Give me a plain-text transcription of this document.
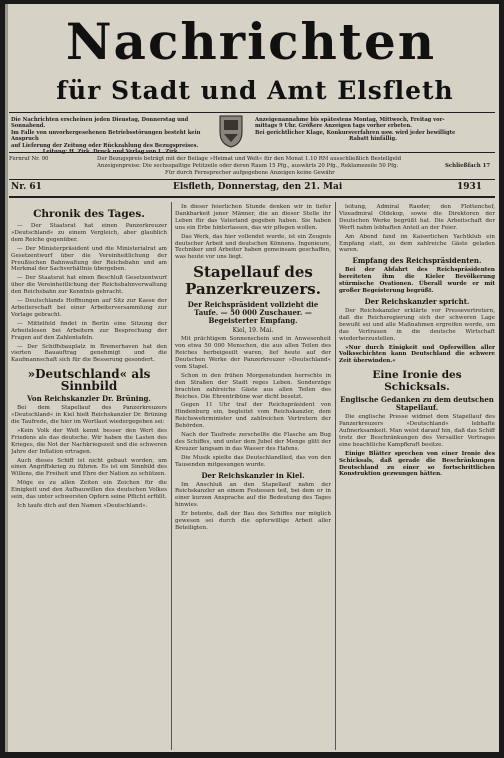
Nachrichten
für Stadt und Amt Elsfleth
Die Nachrichten erscheinen jeden Dienstag, Donnerstag und Sonnabend.
Im Falle von unvorhergesehenen Betriebsstörungen besteht kein Anspruch
auf Lieferung der Zeitung oder Rückzahlung des Bezugspreises.
Anzeigenannahme bis spätestens Montag, Mittwoch, Freitag vor-
mittags 9 Uhr. Größere Anzeigen tags vorher erbeten.
Bei gerichtlicher Klage, Konkursverfahren usw. wird jeder bewilligte
Rabatt hinfällig.
Fernruf Nr. 90	Der Bezugspreis beträgt mit der Beilage »Heimat und Welt« für den Monat 1.10 RM ausschließlich Bestellgeld
Anzeigenpreise: Die sechsspaltige Petitzeile oder deren Raum 15 Pfg., auswärts 20 Pfg., Reklamezeile 50 Pfg.
Für durch Fernsprecher aufgegebene Anzeigen keine Gewähr
Schließfach 17
Nr. 61	Elsfleth, Donnerstag, den 21. Mai	1931
Chronik des Tages.

— Der Staatsrat hat einen Panzerkreuzer »Deutschland« zu einem Vergleich, aber glaublich dem Reiche gegenüber.

— Der Ministerpräsident und die Ministerialrat am Gesetzentwurf über die Vereinheitlichung der Preußischen Bahnwaltung der Reichsbahn und am Merkmal der Sachverhältnis übergeben.

— Der Staatsrat hat einen Beschluß Gesetzentwurf über die Vereinheitlichung der Reichsbahnverwaltung den Reichsbahn zur Kenntnis gebracht.

— Deutschlands Hoffnungen auf Sitz zur Kasse der Arbeiterschaft bei einer Arbeiterversammlung zur Vorlage gebracht.

— Mittelfeld findet in Berlin eine Sitzung der Arbeitslosen bei Arbeitern zur Besprechung der Fragen auf den Zahlentafeln.

— Der Schiffsbauplatz in Bremerhaven hat den vierten Bauauftrag genehmigt und die Kaufmannschaft sich für die Besserung gesondert.

»Deutschland« als Sinnbild
Von Reichskanzler Dr. Brüning.

Bei dem Stapellauf des Panzerkreuzers »Deutschland« in Kiel hielt Reichskanzler Dr. Brüning die Taufrede, die hier im Wortlaut wiedergegeben sei:

»Kein Volk der Welt kennt besser den Wert des Friedens als das deutsche. Wir haben die Lasten des Krieges, die Not der Nachkriegszeit und die schweren Jahre der Inflation ertragen.

Auch dieses Schiff ist nicht gebaut worden, um einen Angriffskrieg zu führen. Es ist ein Sinnbild des Willens, die Freiheit und Ehre der Nation zu schützen.

Möge es zu allen Zeiten ein Zeichen für die Einigkeit und den Aufbauwillen des deutschen Volkes sein, das unter schwersten Opfern seine Pflicht erfüllt.

Ich taufe dich auf den Namen »Deutschland«.

In dieser feierlichen Stunde denken wir in tiefer Dankbarkeit jener Männer, die an dieser Stelle ihr Leben für das Vaterland gegeben haben. Sie haben uns ein Erbe hinterlassen, das wir pflegen wollen.

Das Werk, das hier vollendet wurde, ist ein Zeugnis deutscher Arbeit und deutschen Könnens. Ingenieure, Techniker und Arbeiter haben gemeinsam geschaffen, was heute vor uns liegt.

Stapellauf des Panzerkreuzers.
Der Reichspräsident vollzieht die Taufe. — 50 000 Zuschauer. — Begeisterter Empfang.
Kiel, 19. Mai.

Mit prächtigem Sonnenschein und in Anwesenheit von etwa 50 000 Menschen, die aus allen Teilen des Reiches herbeigeeilt waren, lief heute auf der Deutschen Werke der Panzerkreuzer »Deutschland« vom Stapel.

Schon in den frühen Morgenstunden herrschte in den Straßen der Stadt reges Leben. Sonderzüge brachten zahlreiche Gäste aus allen Teilen des Reiches. Die Ehrentribüne war dicht besetzt.

Gegen 11 Uhr traf der Reichspräsident von Hindenburg ein, begleitet vom Reichskanzler, dem Reichswehrminister und zahlreichen Vertretern der Behörden.

Nach der Taufrede zerschellte die Flasche am Bug des Schiffes, und unter dem Jubel der Menge glitt der Kreuzer langsam in das Wasser des Hafens.

Die Musik spielte das Deutschlandlied, das von den Tausenden mitgesungen wurde.

Der Reichskanzler in Kiel.

Im Anschluß an den Stapellauf nahm der Reichskanzler an einem Festessen teil, bei dem er in einer kurzen Ansprache auf die Bedeutung des Tages hinwies.

Er betonte, daß der Bau des Schiffes nur möglich gewesen sei durch die opferwillige Arbeit aller Beteiligten.

leitung, Admiral Raeder, den Flottenchef, Vizeadmiral Oldekop, sowie die Direktoren der Deutschen Werke begrüßt hat. Die Arbeitschaft der Werft nahm lebhaften Anteil an der Feier.

Am Abend fand im Kaiserlichen Yachtklub ein Empfang statt, zu dem zahlreiche Gäste geladen waren.

Empfang des Reichspräsidenten.

Bei der Abfahrt des Reichspräsidenten bereiteten ihm die Kieler Bevölkerung stürmische Ovationen. Überall wurde er mit großer Begeisterung begrüßt.

Der Reichskanzler spricht.

Der Reichskanzler erklärte vor Pressevertretern, daß die Reichsregierung sich der schweren Lage bewußt sei und alle Maßnahmen ergreifen werde, um das Vertrauen in die deutsche Wirtschaft wiederherzustellen.

»Nur durch Einigkeit und Opferwillen aller Volksschichten kann Deutschland die schwere Zeit überwinden.«

Eine Ironie des Schicksals.
Englische Gedanken zu dem deutschen Stapellauf.

Die englische Presse widmet dem Stapellauf des Panzerkreuzers »Deutschland« lebhafte Aufmerksamkeit. Man weist darauf hin, daß das Schiff trotz der Beschränkungen des Versailler Vertrages eine beachtliche Kampfkraft besitze.

Einige Blätter sprechen von einer Ironie des Schicksals, daß gerade die Beschränkungen Deutschland zu einer so fortschrittlichen Konstruktion gezwungen hätten.
